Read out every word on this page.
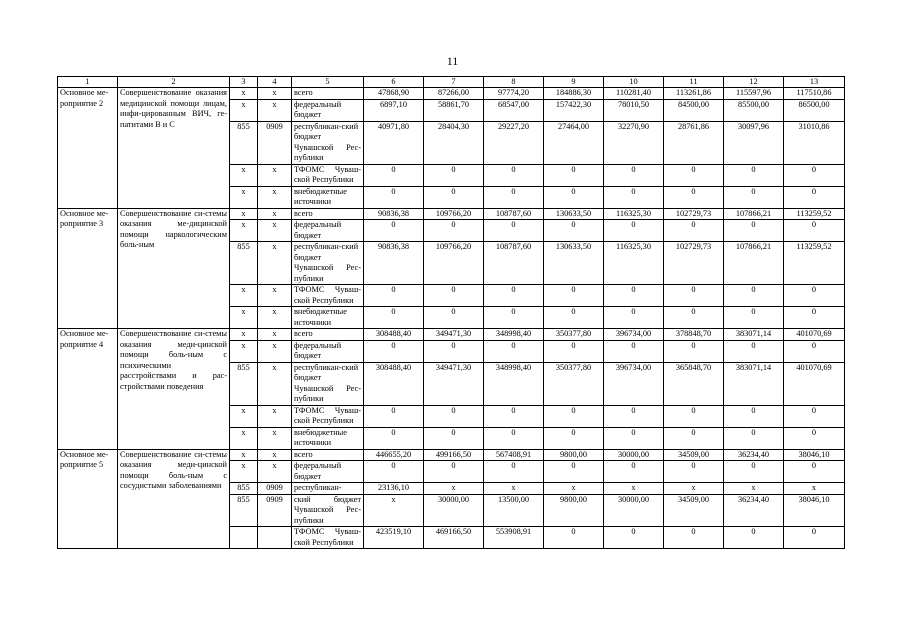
11
1	2	3	4	5	6	7	8	9	10	11	12	13
Основное ме-роприятие 2	Совершенствование оказания медицинской помощи лицам, инфи-цированным ВИЧ, ге-патитами В и С	х	х	всего	47868,90	87266,00	97774,20	184886,30	110281,40	113261,86	115597,96	117510,86
		х	х	федеральный бюджет	6897,10	58861,70	68547,00	157422,30	78010,50	84500,00	85500,00	86500,00
		855	0909	республикан-ский бюджет Чувашской Рес-публики	40971,80	28404,30	29227,20	27464,00	32270,90	28761,86	30097,96	31010,86
		х	х	ТФОМС Чуваш-ской Республики	0	0	0	0	0	0	0	0
		х	х	внебюджетные источники	0	0	0	0	0	0	0	0
Основное ме-роприятие 3	Совершенствование си-стемы оказания ме-дицинской помощи наркологическим боль-ным	х	х	всего	90836,38	109766,20	108787,60	130633,50	116325,30	102729,73	107866,21	113259,52
		х	х	федеральный бюджет	0	0	0	0	0	0	0	0
		855	х	республикан-ский бюджет Чувашской Рес-публики	90836,38	109766,20	108787,60	130633,50	116325,30	102729,73	107866,21	113259,52
		х	х	ТФОМС Чуваш-ской Республики	0	0	0	0	0	0	0	0
		х	х	внебюджетные источники	0	0	0	0	0	0	0	0
Основное ме-роприятие 4	Совершенствование си-стемы оказания меди-цинской помощи боль-ным с психическими расстройствами и рас-стройствами поведения	х	х	всего	308488,40	349471,30	348998,40	350377,80	396734,00	378848,70	383071,14	401070,69
		х	х	федеральный бюджет	0	0	0	0	0	0	0	0
		855	х	республикан-ский бюджет Чувашской Рес-публики	308488,40	349471,30	348998,40	350377,80	396734,00	365848,70	383071,14	401070,69
		х	х	ТФОМС Чуваш-ской Республики	0	0	0	0	0	0	0	0
		х	х	внебюджетные источники	0	0	0	0	0	0	0	0
Основное ме-роприятие 5	Совершенствование си-стемы оказания меди-цинской помощи боль-ным с сосудистыми заболеваниями	х	х	всего	446655,20	499166,50	567408,91	9800,00	30000,00	34509,00	36234,40	38046,10
		х	х	федеральный бюджет	0	0	0	0	0	0	0	0
		855	0909	республикан-	23136,10	х	х	х	х	х	х	х
		855	0909	ский бюджет Чувашской Рес-публики	х	30000,00	13500,00	9800,00	30000,00	34509,00	36234,40	38046,10
				ТФОМС Чуваш-ской Республики	423519,10	469166,50	553908,91	0	0	0	0	0
